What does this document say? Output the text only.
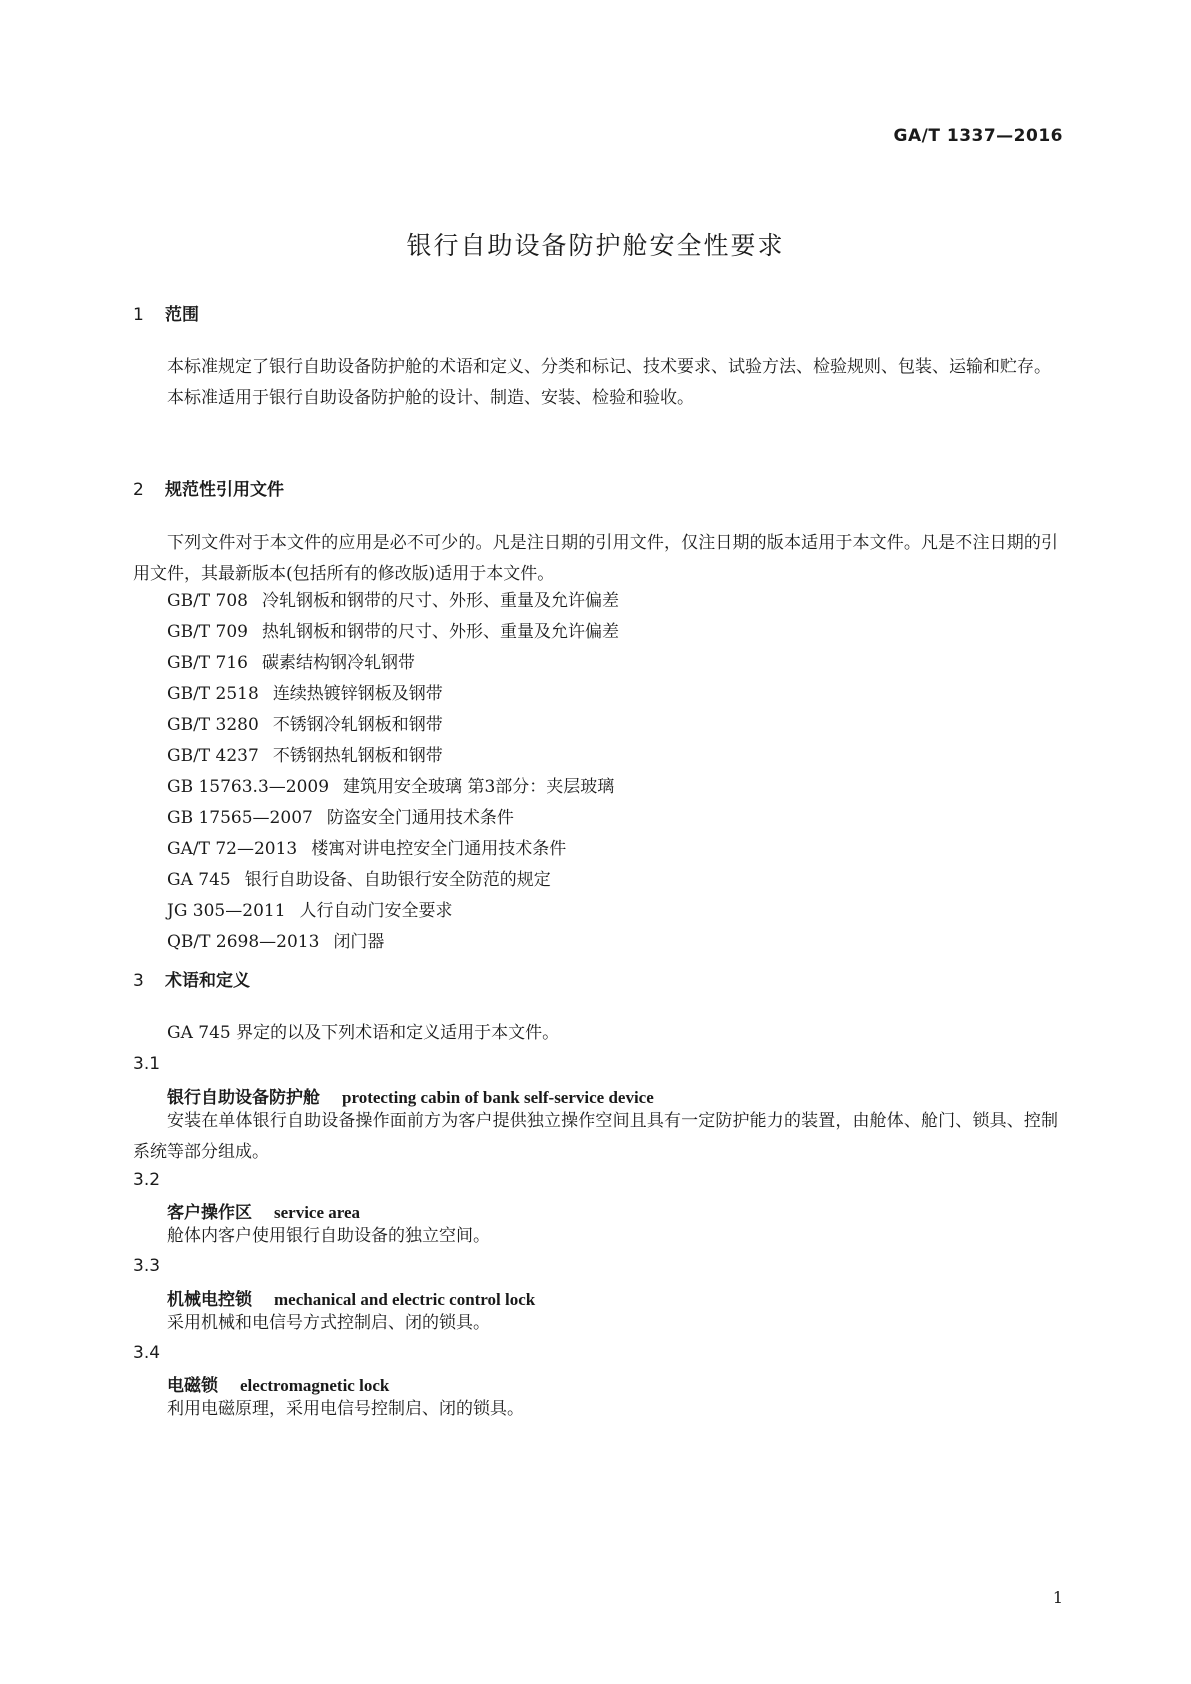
GA/T 1337—2016
银行自助设备防护舱安全性要求
1 范围
本标准规定了银行自助设备防护舱的术语和定义、分类和标记、技术要求、试验方法、检验规则、包装、运输和贮存。
本标准适用于银行自助设备防护舱的设计、制造、安装、检验和验收。
2 规范性引用文件
下列文件对于本文件的应用是必不可少的。凡是注日期的引用文件，仅注日期的版本适用于本文件。凡是不注日期的引用文件，其最新版本(包括所有的修改版)适用于本文件。
GB/T 708 冷轧钢板和钢带的尺寸、外形、重量及允许偏差
GB/T 709 热轧钢板和钢带的尺寸、外形、重量及允许偏差
GB/T 716 碳素结构钢冷轧钢带
GB/T 2518 连续热镀锌钢板及钢带
GB/T 3280 不锈钢冷轧钢板和钢带
GB/T 4237 不锈钢热轧钢板和钢带
GB 15763.3—2009 建筑用安全玻璃 第3部分：夹层玻璃
GB 17565—2007 防盗安全门通用技术条件
GA/T 72—2013 楼寓对讲电控安全门通用技术条件
GA 745 银行自助设备、自助银行安全防范的规定
JG 305—2011 人行自动门安全要求
QB/T 2698—2013 闭门器
3 术语和定义
GA 745 界定的以及下列术语和定义适用于本文件。
3.1
银行自助设备防护舱 protecting cabin of bank self-service device
安装在单体银行自助设备操作面前方为客户提供独立操作空间且具有一定防护能力的装置，由舱体、舱门、锁具、控制系统等部分组成。
3.2
客户操作区 service area
舱体内客户使用银行自助设备的独立空间。
3.3
机械电控锁 mechanical and electric control lock
采用机械和电信号方式控制启、闭的锁具。
3.4
电磁锁 electromagnetic lock
利用电磁原理，采用电信号控制启、闭的锁具。
1
